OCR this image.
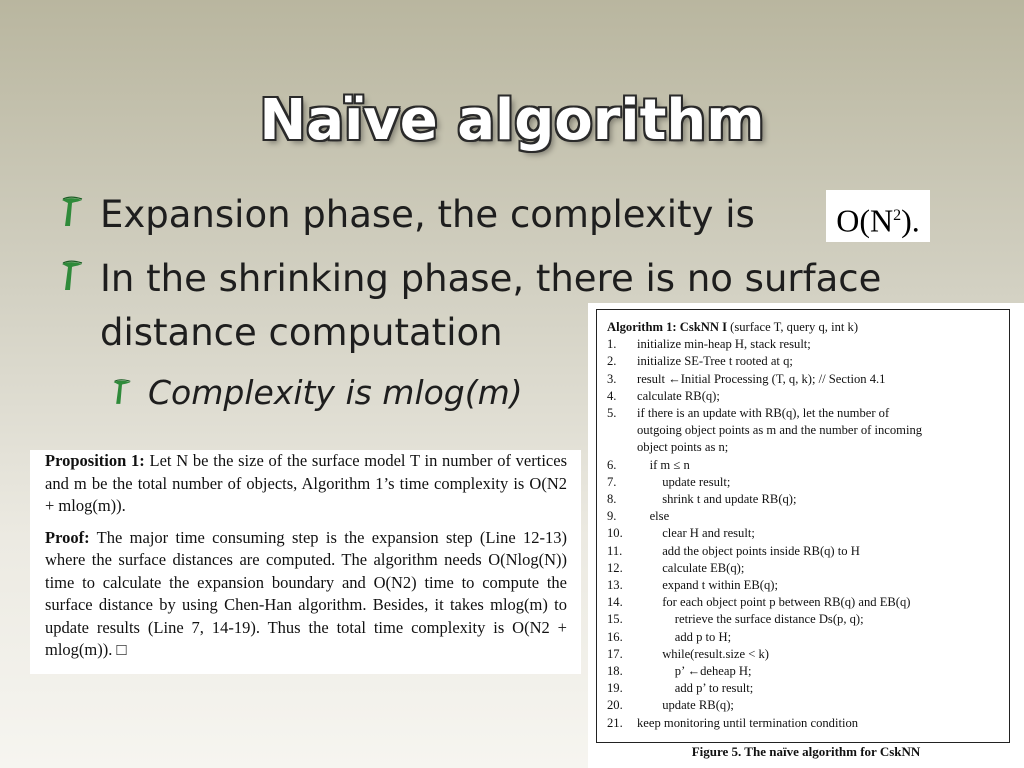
Naïve algorithm
Expansion phase, the complexity is	$O(N^2)$.
In the shrinking phase, there is no surface distance computation
Complexity is mlog(m)

Proposition 1: Let N be the size of the surface model T in number of vertices and m be the total number of objects, Algorithm 1’s time complexity is O(N2 + mlog(m)).

Proof: The major time consuming step is the expansion step (Line 12-13) where the surface distances are computed. The algorithm needs O(Nlog(N)) time to calculate the expansion boundary and O(N2) time to compute the surface distance by using Chen-Han algorithm. Besides, it takes mlog(m) to update results (Line 7, 14-19). Thus the total time complexity is O(N2 + mlog(m)). □

Algorithm 1: CskNN I (surface T, query q, int k)
1. initialize min-heap H, stack result;
2. initialize SE-Tree t rooted at q;
3. result ←Initial Processing (T, q, k); // Section 4.1
4. calculate RB(q);
5. if there is an update with RB(q), let the number of
outgoing object points as m and the number of incoming
object points as n;
6.    if m ≤ n
7.        update result;
8.        shrink t and update RB(q);
9.    else
10.        clear H and result;
11.        add the object points inside RB(q) to H
12.        calculate EB(q);
13.        expand t within EB(q);
14.        for each object point p between RB(q) and EB(q)
15.            retrieve the surface distance Ds(p, q);
16.            add p to H;
17.        while(result.size < k)
18.            p’ ←deheap H;
19.            add p’ to result;
20.        update RB(q);
21. keep monitoring until termination condition
Figure 5. The naïve algorithm for CskNN
